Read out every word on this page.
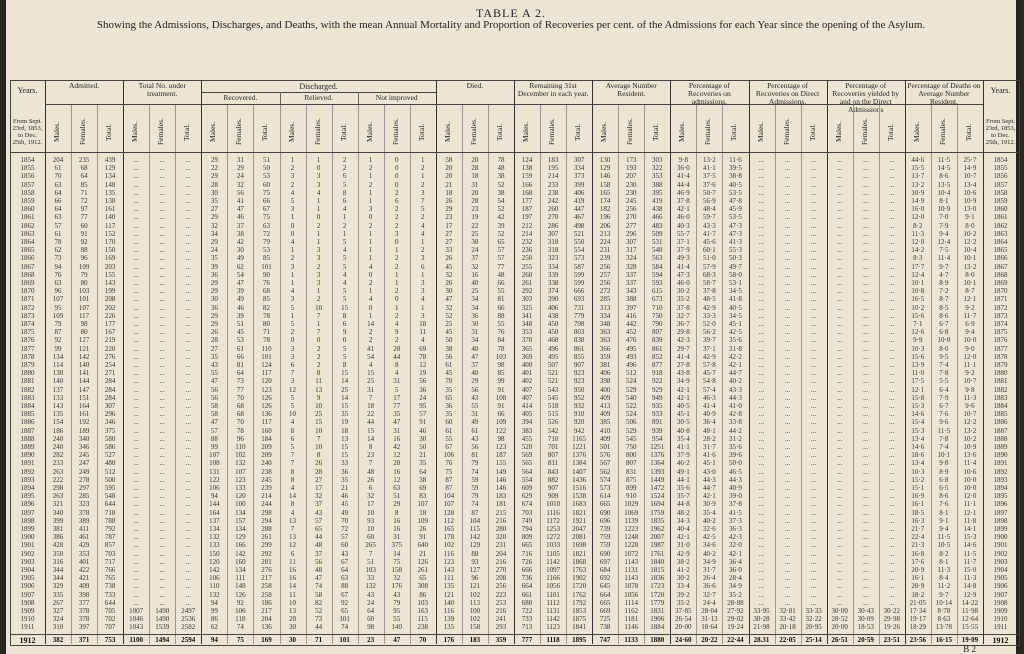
TABLE A 2.
Showing the Admissions, Discharges, and Deaths, with the mean Annual Mortality and Proportion of Recoveries per cent. of the Admissions for each Year since the opening of the Asylum.
Years.
From Sept. 23rd, 1853, to Dec. 25th, 1912.
Years.
From Sept. 23rd, 1853, to Dec. 25th, 1912.
Admitted.
Males. Females. Total.
Total No. under treatment.
Males. Females. Total.
Discharged.
Recovered.	Relieved.	Not improved
Males. Females. Total. Males. Females. Total. Males. Females. Total.
Died.
Males. Females. Total.
Remaining 31st December in each year.
Males. Females. Total.
Average Number Resident.
Males. Females. Total.
Percentage of Recoveries on admissions.
Males. Females. Total.
Percentage of Recoveries on Direct Admissions.
Males. Females. Total.
Percentage of Recoveries yielded by and on the Direct Admissions
Males. Females. Total.
Percentage of Deaths on Average Number Resident.
Males. Females. Total.
1854	1854
204	235	439	...	...	...	29	31	51	1	1	2	1	0	1	58	20	78	124	183	307	130	173	303	9·8	13·2	11·6	...	...	...	...	...	...	44·6	11·5	25·7
1855	1855
61	68	129	...	...	...	22	29	50	2	0	2	2	0	2	20	28	48	138	195	334	129	193	322	36·0	41·1	39·5	...	...	...	...	...	...	15·5	14·5	14·9
1856	1856
70	64	134	...	...	...	29	24	53	3	3	6	1	0	1	20	18	38	159	214	373	146	207	353	41·4	37·5	38·8	...	...	...	...	...	...	13·7	8·6	10·7
1857	1857
63	85	148	...	...	...	28	32	60	2	3	5	2	0	2	21	31	52	166	233	399	158	230	388	44·4	37·6	40·5	...	...	...	...	...	...	13·2	13·5	13·4
1858	1858
64	71	135	...	...	...	30	56	75	4	4	8	1	2	3	18	20	38	168	238	406	165	230	395	46·9	50·7	53·5	...	...	...	...	...	...	10·9	10·4	10·6
1859	1859
66	72	138	...	...	...	35	41	66	5	1	6	1	6	7	26	28	54	177	242	419	174	245	419	37·8	56·9	47·8	...	...	...	...	...	...	14·9	8·1	10·9
1860	1860
64	97	161	...	...	...	27	47	67	3	1	4	3	2	5	29	23	52	187	260	447	182	256	438	42·1	48·4	45·9	...	...	...	...	...	...	16·0	10·9	13·0
1861	1861
63	77	140	...	...	...	29	46	75	1	0	1	0	2	2	23	19	42	197	270	467	196	270	466	46·0	59·7	53·5	...	...	...	...	...	...	12·0	7·0	9·1
1862	1862
57	60	117	...	...	...	32	37	63	0	2	2	2	2	4	17	22	39	212	286	498	206	277	483	40·3	43·3	47·3	...	...	...	...	...	...	8·2	7·9	8·0
1863	1863
61	91	152	...	...	...	34	38	72	0	1	1	1	3	4	27	25	52	214	307	521	213	296	509	55·7	41·7	47·3	...	...	...	...	...	...	11·3	9·4	10·2
1864	1864
78	92	170	...	...	...	29	42	79	4	1	5	1	0	1	27	38	65	232	318	550	224	307	531	37·1	45·6	41·3	...	...	...	...	...	...	12·0	12·4	12·2
1865	1865
62	88	150	...	...	...	24	30	53	1	3	4	1	1	2	33	24	57	236	318	554	231	317	548	37·9	60·1	55·3	...	...	...	...	...	...	14·2	7·5	10·4
1866	1866
73	96	169	...	...	...	35	49	85	2	3	5	1	2	3	26	37	57	250	323	573	239	324	563	49·3	51·0	50·3	...	...	...	...	...	...	8·3	11·4	10·1
1867	1867
94	109	203	...	...	...	39	62	101	3	2	5	4	2	6	45	32	77	255	334	587	256	328	584	41·4	57·9	49·7	...	...	...	...	...	...	17·7	9·7	13·2
1868	1868
76	79	155	...	...	...	36	54	90	1	3	4	0	1	1	32	16	48	260	339	599	257	337	594	47·3	68·3	58·0	...	...	...	...	...	...	12·4	4·7	8·0
1869	1869
63	80	143	...	...	...	29	47	76	1	3	4	2	1	3	26	40	66	261	338	599	256	337	593	46·0	58·7	53·1	...	...	...	...	...	...	10·1	8·9	10·1
1870	1870
96	103	199	...	...	...	29	39	68	4	1	5	1	2	3	30	25	55	292	374	666	272	343	615	30·2	37·8	34·5	...	...	...	...	...	...	10·8	7·2	8·7
1871	1871
107	101	208	...	...	...	30	49	85	3	2	5	4	0	4	47	34	81	303	390	693	285	388	673	35·2	48·5	41·8	...	...	...	...	...	...	16·5	8·7	12·1
1872	1872
95	107	202	...	...	...	36	46	82	5	10	15	0	1	1	32	34	66	325	406	731	313	397	710	37·8	42·9	40·5	...	...	...	...	...	...	10·2	8·5	9·2
1873	1873
109	117	226	...	...	...	29	39	78	1	7	8	1	2	3	52	36	88	341	438	779	334	416	750	32·7	33·3	34·5	...	...	...	...	...	...	15·6	8·6	11·7
1874	1874
79	98	177	...	...	...	29	51	80	5	1	6	14	4	18	25	30	55	348	450	798	348	442	790	36·7	52·0	45·1	...	...	...	...	...	...	7·1	6·7	6·9
1875	1875
87	80	167	...	...	...	26	45	71	2	7	9	2	9	11	45	31	76	353	450	803	363	452	807	29·8	56·2	42·5	...	...	...	...	...	...	12·6	6·8	9·4
1876	1876
92	127	219	...	...	...	28	53	78	0	0	0	2	2	4	50	34	84	370	468	838	363	476	839	42·3	39·7	35·6	...	...	...	...	...	...	9·9	10·0	10·0
1877	1877
99	121	220	...	...	...	27	61	110	3	2	5	41	28	69	38	40	78	365	496	861	366	495	861	29·7	37·1	31·8	...	...	...	...	...	...	10·3	8·0	9·0
1878	1878
134	142	276	...	...	...	35	66	101	3	2	5	54	44	78	56	47	103	369	495	855	359	493	852	41·4	42·9	42·2	...	...	...	...	...	...	15·6	9·5	12·0
1879	1879
114	140	254	...	...	...	43	81	124	6	2	8	4	8	12	61	37	98	400	507	907	381	496	877	27·8	57·8	42·1	...	...	...	...	...	...	13·9	7·4	11·1
1880	1880
130	141	271	...	...	...	55	64	117	7	8	15	15	4	19	45	40	85	401	521	923	406	512	918	43·8	45·7	44·7	...	...	...	...	...	...	11·0	7·8	9·2
1881	1881
140	144	284	...	...	...	47	73	120	3	11	14	25	31	56	70	29	99	402	521	923	398	524	922	34·9	54·8	40·2	...	...	...	...	...	...	17·5	5·5	10·7
1882	1882
137	147	284	...	...	...	56	77	123	12	13	25	31	5	36	35	56	91	407	543	950	400	529	929	42·1	57·4	43·3	...	...	...	...	...	...	12·1	6·4	9·8
1883	1883
133	151	284	...	...	...	56	70	126	5	9	14	7	17	24	65	43	108	407	545	952	409	540	949	42·1	46·3	44·3	...	...	...	...	...	...	15·8	7·9	11·3
1884	1884
143	164	307	...	...	...	58	68	126	5	10	15	18	77	95	36	55	91	414	518	932	413	522	935	40·5	41·4	41·0	...	...	...	...	...	...	15·3	6·7	9·6
1885	1885
135	161	296	...	...	...	58	68	136	10	25	35	22	35	57	35	31	66	405	515	910	409	524	933	45·1	40·9	42·8	...	...	...	...	...	...	14·6	7·6	10·7
1886	1886
154	192	346	...	...	...	47	70	117	4	15	19	44	47	91	60	49	109	394	526	920	385	506	891	30·5	36·4	33·8	...	...	...	...	...	...	15·4	9·6	12·2
1887	1887
186	189	375	...	...	...	57	78	160	8	10	18	15	31	46	61	61	122	383	542	942	410	529	939	40·8	48·1	44·2	...	...	...	...	...	...	15·3	11·5	13·2
1888	1888
240	340	580	...	...	...	88	96	184	6	7	13	14	16	30	55	43	98	455	710	1165	409	545	954	35·4	28·2	31·2	...	...	...	...	...	...	13·4	7·8	10·2
1889	1889
240	346	586	...	...	...	99	110	209	5	10	15	8	42	50	67	56	123	520	701	1221	501	750	1251	41·1	31·7	35·6	...	...	...	...	...	...	14·6	7·4	10·9
1890	1890
282	245	527	...	...	...	107	102	209	7	8	15	23	12	21	106	81	187	569	807	1376	576	800	1376	37·9	41·6	39·6	...	...	...	...	...	...	18·6	10·1	13·6
1891	1891
233	247	480	...	...	...	108	132	240	7	26	33	7	28	35	76	79	155	565	811	1384	567	807	1364	46·2	45·1	50·0	...	...	...	...	...	...	13·4	9·8	11·4
1892	1892
263	249	512	...	...	...	131	107	238	8	28	36	48	16	64	75	74	149	564	843	1407	562	831	1393	49·1	43·0	46·5	...	...	...	...	...	...	10·3	8·9	10·6
1893	1893
222	278	500	...	...	...	122	123	245	8	27	35	26	12	38	87	59	146	554	882	1436	574	875	1449	44·1	44·3	44·3	...	...	...	...	...	...	15·2	6·8	10·0
1894	1894
298	297	595	...	...	...	106	133	239	4	17	21	6	63	69	87	59	146	609	907	1516	573	899	1472	35·6	44·7	40·9	...	...	...	...	...	...	15·1	6·5	10·0
1895	1895
263	285	548	...	...	...	94	120	214	14	32	46	32	51	83	104	79	183	629	909	1538	614	910	1524	35·7	42·1	39·0	...	...	...	...	...	...	16·9	8·6	12·0
1896	1896
321	323	644	...	...	...	144	100	244	8	37	45	17	29	107	107	74	181	674	1010	1683	665	1029	1694	44·8	30·9	37·8	...	...	...	...	...	...	16·1	7·6	11·1
1897	1897
340	378	718	...	...	...	164	134	298	4	43	49	10	8	18	128	87	215	703	1116	1821	690	1069	1759	48·2	35·4	41·5	...	...	...	...	...	...	18·5	8·1	12·1
1898	1898
399	389	788	...	...	...	137	157	294	13	57	70	93	16	109	112	104	216	749	1172	1921	696	1139	1835	34·3	40·2	37·3	...	...	...	...	...	...	16·3	9·1	11·8
1899	1899
381	411	792	...	...	...	134	134	288	7	65	72	10	16	26	165	115	280	794	1253	2047	739	1223	1962	40·4	32·6	36·3	...	...	...	...	...	...	21·7	9·4	14·1
1900	1900
386	461	787	...	...	...	132	129	261	13	44	57	60	31	91	178	142	320	809	1272	2081	759	1248	2007	42·1	42·5	42·3	...	...	...	...	...	...	22·4	11·5	15·3
1901	1901
428	429	857	...	...	...	133	166	299	12	48	60	265	375	640	102	129	231	665	1033	1698	759	1228	1987	31·0	34·6	32·0	...	...	...	...	...	...	21·3	10·5	14·6
1902	1902
350	353	703	...	...	...	150	142	292	6	37	43	7	14	21	116	88	204	716	1105	1821	690	1072	1761	42·9	40·2	42·1	...	...	...	...	...	...	16·8	8·2	11·5
1903	1903
316	401	717	...	...	...	120	160	281	11	56	67	51	75	126	123	93	216	726	1142	1868	697	1143	1840	38·2	34·9	36·4	...	...	...	...	...	...	17·6	8·1	11·7
1904	1904
344	422	766	...	...	...	142	134	276	16	48	64	103	158	261	143	127	270	666	1097	1763	684	1131	1815	41·2	31·7	36·0	...	...	...	...	...	...	20·9	11·3	15·0
1905	1905
344	421	765	...	...	...	106	111	217	16	47	63	33	32	65	111	96	208	736	1166	1902	692	1143	1836	30·2	26·4	28·4	...	...	...	...	...	...	16·1	8·4	11·3
1906	1906
329	409	738	...	...	...	110	148	258	14	74	88	132	176	308	135	121	256	664	1056	1720	645	1078	1723	33·4	36·6	34·9	...	...	...	...	...	...	20·9	11·2	14·8
1907	1907
335	398	733	...	...	...	132	126	258	11	58	67	43	43	86	121	102	223	661	1101	1762	664	1056	1720	39·2	32·7	35·2	...	...	...	...	...	...	18·2	9·7	12·9
1908	1908
267	377	644	...	...	...	94	92	186	10	82	92	24	79	103	140	113	253	680	1112	1792	665	1114	1779	35·2	24·4	28·88	...	...	...	...	...	...	21·05	10·14	14·22
1909	1909
327	378	705	1007	1490	2497	99	106	217	13	52	65	64	95	163	116	100	216	722	1131	1853	669	1162	1831	37·85	28·04	27·92	33·95	32·81	33·33	30·00	30·43	30·22	17·34	8·78	11·98
1910	1910
324	378	702	1046	1490	2536	86	118	204	28	73	101	60	55	115	139	102	241	733	1142	1875	725	1181	1906	26·54	31·13	29·02	30·28	33·42	32·22	28·52	30·09	29·98	19·17	8·63	12·64
1911	1911
310	397	707	1043	1539	2582	62	74	136	30	44	74	98	140	238	135	158	293	713	1123	1841	738	1146	1884	20·00	18·64	19·24	21·98	20·18	20·95	20·00	18·53	19·26	18·29	13·78	15·55
1912	1912
382	371	753	1100	1494	2594	94	75	169	30	71	101	23	47	70	176	183	359	777	1118	1895	747	1133	1880	24·60	20·22	22·44	28.31	22·05	25·14	26·51	20·59	23·51	23·56	16·15	19·09
B 2
